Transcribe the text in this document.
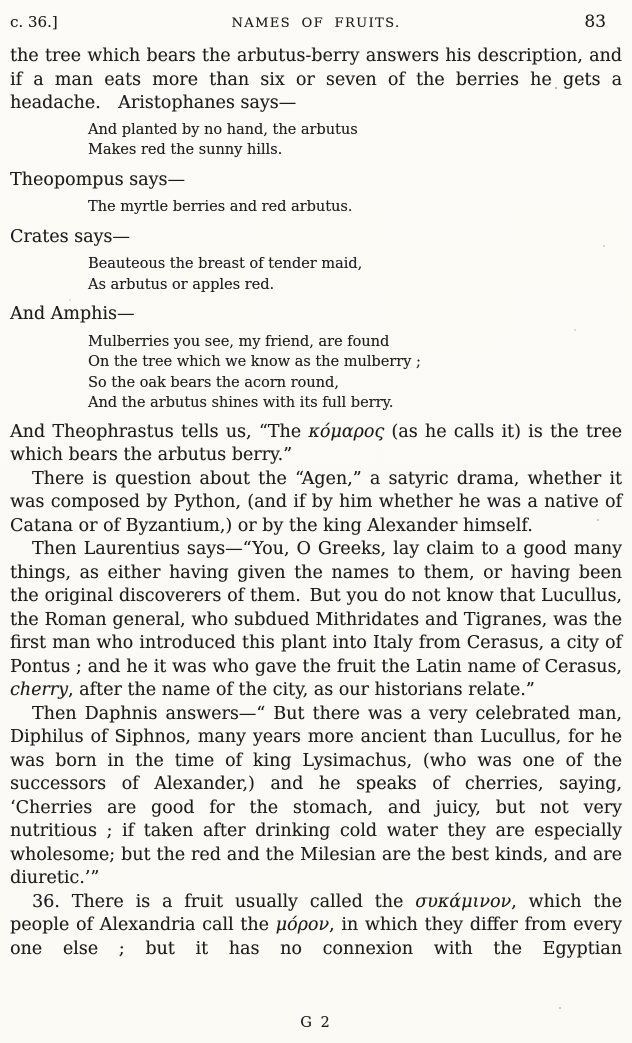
c. 36.]	NAMES OF FRUITS.	83

the tree which bears the arbutus-berry answers his description, and if a man eats more than six or seven of the berries he gets a headache. Aristophanes says—

And planted by no hand, the arbutus
Makes red the sunny hills.

Theopompus says—

The myrtle berries and red arbutus.

Crates says—

Beauteous the breast of tender maid,
As arbutus or apples red.

And Amphis—

Mulberries you see, my friend, are found
On the tree which we know as the mulberry ;
So the oak bears the acorn round,
And the arbutus shines with its full berry.

And Theophrastus tells us, “The κόμαρος (as he calls it) is the tree which bears the arbutus berry.”

There is question about the “Agen,” a satyric drama, whether it was composed by Python, (and if by him whether he was a native of Catana or of Byzantium,) or by the king Alexander himself.

Then Laurentius says—“You, O Greeks, lay claim to a good many things, as either having given the names to them, or having been the original discoverers of them. But you do not know that Lucullus, the Roman general, who subdued Mithridates and Tigranes, was the first man who introduced this plant into Italy from Cerasus, a city of Pontus ; and he it was who gave the fruit the Latin name of Cerasus, cherry, after the name of the city, as our historians relate.”

Then Daphnis answers—“ But there was a very celebrated man, Diphilus of Siphnos, many years more ancient than Lucullus, for he was born in the time of king Lysimachus, (who was one of the successors of Alexander,) and he speaks of cherries, saying, ‘Cherries are good for the stomach, and juicy, but not very nutritious ; if taken after drinking cold water they are especially wholesome; but the red and the Milesian are the best kinds, and are diuretic.’”

36. There is a fruit usually called the συκάμινον, which the people of Alexandria call the μόρον, in which they differ from every one else ; but it has no connexion with the Egyptian

G 2
